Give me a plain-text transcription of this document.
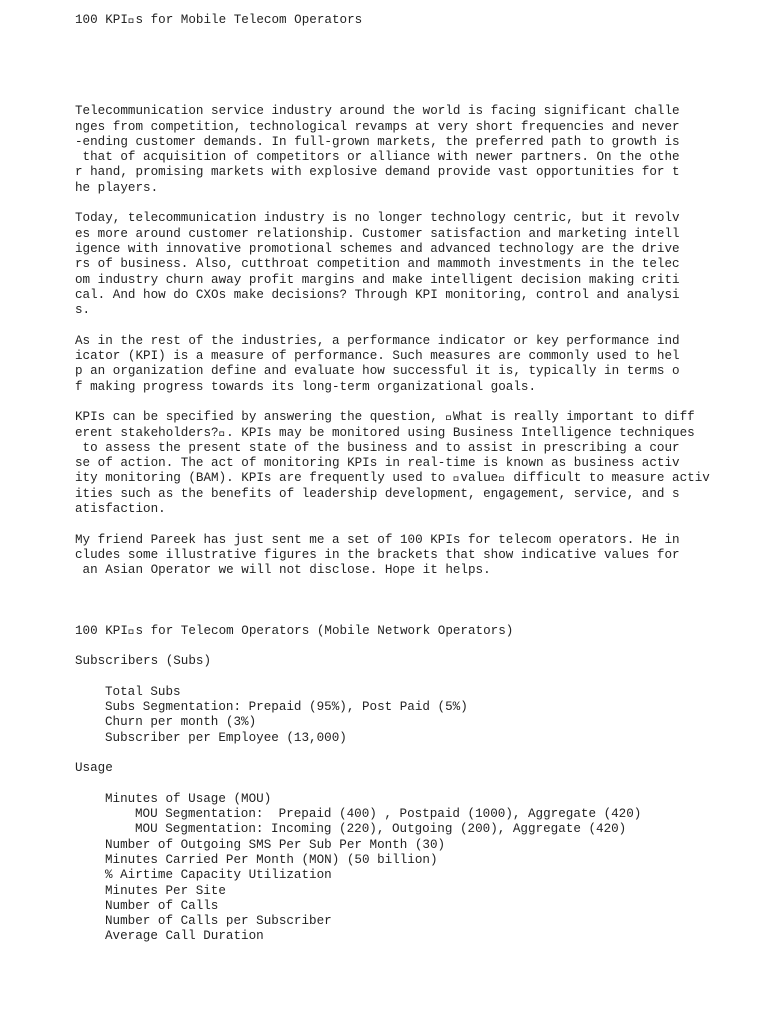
100 KPI s for Mobile Telecom Operators
Telecommunication service industry around the world is facing significant challe
nges from competition, technological revamps at very short frequencies and never
-ending customer demands. In full-grown markets, the preferred path to growth is
that of acquisition of competitors or alliance with newer partners. On the othe
r hand, promising markets with explosive demand provide vast opportunities for t
he players.
Today, telecommunication industry is no longer technology centric, but it revolv
es more around customer relationship. Customer satisfaction and marketing intell
igence with innovative promotional schemes and advanced technology are the drive
rs of business. Also, cutthroat competition and mammoth investments in the telec
om industry churn away profit margins and make intelligent decision making criti
cal. And how do CXOs make decisions? Through KPI monitoring, control and analysi
s.
As in the rest of the industries, a performance indicator or key performance ind
icator (KPI) is a measure of performance. Such measures are commonly used to hel
p an organization define and evaluate how successful it is, typically in terms o
f making progress towards its long-term organizational goals.
KPIs can be specified by answering the question,  What is really important to diff
erent stakeholders? . KPIs may be monitored using Business Intelligence techniques
to assess the present state of the business and to assist in prescribing a cour
se of action. The act of monitoring KPIs in real-time is known as business activ
ity monitoring (BAM). KPIs are frequently used to  value  difficult to measure activ
ities such as the benefits of leadership development, engagement, service, and s
atisfaction.
My friend Pareek has just sent me a set of 100 KPIs for telecom operators. He in
cludes some illustrative figures in the brackets that show indicative values for
an Asian Operator we will not disclose. Hope it helps.
100 KPI s for Telecom Operators (Mobile Network Operators)
Subscribers (Subs)
Total Subs
Subs Segmentation: Prepaid (95%), Post Paid (5%)
Churn per month (3%)
Subscriber per Employee (13,000)
Usage
Minutes of Usage (MOU)
MOU Segmentation:  Prepaid (400) , Postpaid (1000), Aggregate (420)
MOU Segmentation: Incoming (220), Outgoing (200), Aggregate (420)
Number of Outgoing SMS Per Sub Per Month (30)
Minutes Carried Per Month (MON) (50 billion)
% Airtime Capacity Utilization
Minutes Per Site
Number of Calls
Number of Calls per Subscriber
Average Call Duration
